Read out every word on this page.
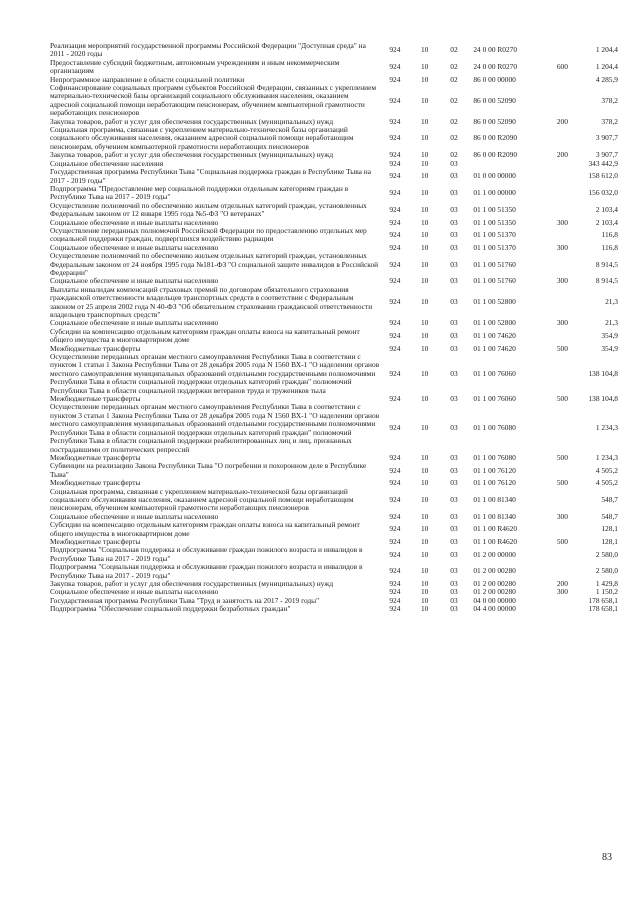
Реализация мероприятий государственной программы Российской Федерации "Доступная среда" на 2011 - 2020 годы	924	10	02	24 0 00 R0270		1 204,4
Предоставление субсидий бюджетным, автономным учреждениям и иным некоммерческим организациям	924	10	02	24 0 00 R0270	600	1 204,4
Непрограммное направление в области социальной политики	924	10	02	86 0 00 00000		4 285,9
Софинансирование социальных программ субъектов Российской Федерации, связанных с укреплением материально-технической базы организаций социального обслуживания населения, оказанием адресной социальной помощи неработающим пенсионерам, обучением компьютерной грамотности неработающих пенсионеров	924	10	02	86 0 00 52090		378,2
Закупка товаров, работ и услуг для обеспечения государственных (муниципальных) нужд	924	10	02	86 0 00 52090	200	378,2
Социальная программа, связанная с укреплением материально-технической базы организаций социального обслуживания населения, оказанием адресной социальной помощи неработающим пенсионерам, обучением компьютерной грамотности неработающих пенсионеров	924	10	02	86 0 00 R2090		3 907,7
Закупка товаров, работ и услуг для обеспечения государственных (муниципальных) нужд	924	10	02	86 0 00 R2090	200	3 907,7
Социальное обеспечение населения	924	10	03			343 442,9
Государственная программа Республики Тыва "Социальная поддержка граждан в Республике Тыва на 2017 - 2019 годы"	924	10	03	01 0 00 00000		158 612,0
Подпрограмма "Предоставление мер социальной поддержки отдельным категориям граждан в Республике Тыва на 2017 - 2019 годы"	924	10	03	01 1 00 00000		156 032,0
Осуществление полномочий по обеспечению жильем отдельных категорий граждан, установленных Федеральным законом от 12 января 1995 года №5-ФЗ "О ветеранах"	924	10	03	01 1 00 51350		2 103,4
Социальное обеспечение и иные выплаты населению	924	10	03	01 1 00 51350	300	2 103,4
Осуществление переданных полномочий Российской Федерации по предоставлению отдельных мер социальной поддержки граждан, подвергшихся воздействию радиации	924	10	03	01 1 00 51370		116,8
Социальное обеспечение и иные выплаты населению	924	10	03	01 1 00 51370	300	116,8
Осуществление полномочий по обеспечению жильем отдельных категорий граждан, установленных Федеральным законом от 24 ноября 1995 года №181-ФЗ "О социальной защите инвалидов в Российской Федерации"	924	10	03	01 1 00 51760		8 914,5
Социальное обеспечение и иные выплаты населению	924	10	03	01 1 00 51760	300	8 914,5
Выплаты инвалидам компенсаций страховых премий по договорам обязательного страхования гражданской ответственности владельцев транспортных средств в соответствии с Федеральным законом от 25 апреля 2002 года N 40-ФЗ "Об обязательном страховании гражданской ответственности владельцев транспортных средств"	924	10	03	01 1 00 52800		21,3
Социальное обеспечение и иные выплаты населению	924	10	03	01 1 00 52800	300	21,3
Субсидии на компенсацию отдельным категориям граждан оплаты взноса на капитальный ремонт общего имущества в многоквартирном доме	924	10	03	01 1 00 74620		354,9
Межбюджетные трансферты	924	10	03	01 1 00 74620	500	354,9
Осуществление переданных органам местного самоуправления Республики Тыва в соответствии с пунктом 1 статьи 1 Закона Республики Тыва от 28 декабря 2005 года N 1560 ВХ-1 "О наделении органов местного самоуправления муниципальных образований отдельными государственными полномочиями Республики Тыва в области социальной поддержки отдельных категорий граждан" полномочий Республики Тыва в области социальной поддержки ветеранов труда и тружеников тыла	924	10	03	01 1 00 76060		138 104,8
Межбюджетные трансферты	924	10	03	01 1 00 76060	500	138 104,8
Осуществление переданных органам местного самоуправления Республики Тыва в соответствии с пунктом 3 статьи 1 Закона Республики Тыва от 28 декабря 2005 года N 1560 ВХ-1 "О наделении органов местного самоуправления муниципальных образований отдельными государственными полномочиями Республики Тыва в области социальной поддержки отдельных категорий граждан" полномочий Республики Тыва в области социальной поддержки реабилитированных лиц и лиц, признанных пострадавшими от политических репрессий	924	10	03	01 1 00 76080		1 234,3
Межбюджетные трансферты	924	10	03	01 1 00 76080	500	1 234,3
Субвенции на реализацию Закона Республики Тыва "О погребении и похоронном деле в Республике Тыва"	924	10	03	01 1 00 76120		4 505,2
Межбюджетные трансферты	924	10	03	01 1 00 76120	500	4 505,2
Социальная программа, связанная с укреплением материально-технической базы организаций социального обслуживания населения, оказанием адресной социальной помощи неработающим пенсионерам, обучением компьютерной грамотности неработающих пенсионеров	924	10	03	01 1 00 81340		548,7
Социальное обеспечение и иные выплаты населению	924	10	03	01 1 00 81340	300	548,7
Субсидии на компенсацию отдельным категориям граждан оплаты взноса на капитальный ремонт общего имущества в многоквартирном доме	924	10	03	01 1 00 R4620		128,1
Межбюджетные трансферты	924	10	03	01 1 00 R4620	500	128,1
Подпрограмма "Социальная поддержка и обслуживание граждан пожилого возраста и инвалидов в Республике Тыва на 2017 - 2019 годы"	924	10	03	01 2 00 00000		2 580,0
Подпрограмма "Социальная поддержка и обслуживание граждан пожилого возраста и инвалидов в Республике Тыва на 2017 - 2019 годы"	924	10	03	01 2 00 00280		2 580,0
Закупка товаров, работ и услуг для обеспечения государственных (муниципальных) нужд	924	10	03	01 2 00 00280	200	1 429,8
Социальное обеспечение и иные выплаты населению	924	10	03	01 2 00 00280	300	1 150,2
Государственная программа Республики Тыва "Труд и занятость на 2017 - 2019 годы"	924	10	03	04 0 00 00000		178 658,1
Подпрограмма "Обеспечение социальной поддержки безработных граждан"	924	10	03	04 4 00 00000		178 658,1
83
